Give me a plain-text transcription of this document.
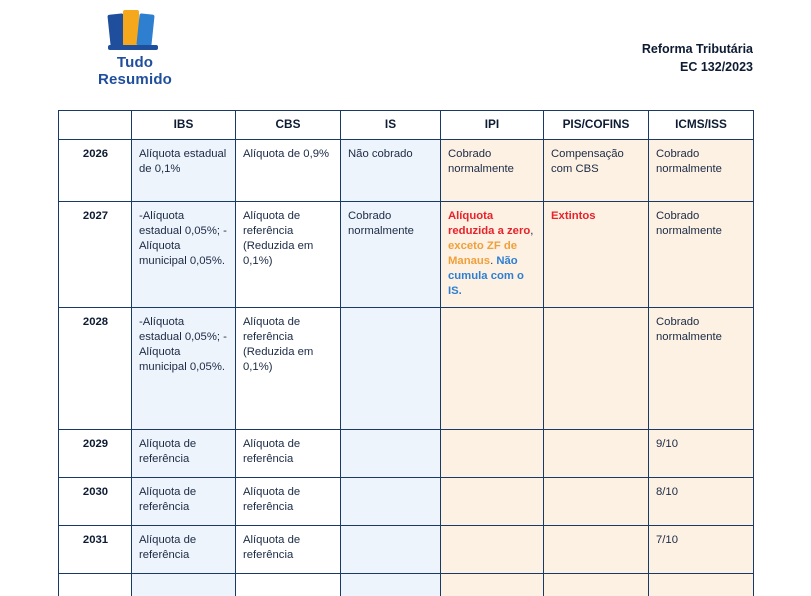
Tudo
Resumido
Reforma Tributária
EC 132/2023
	IBS	CBS	IS	IPI	PIS/COFINS	ICMS/ISS
2026	Alíquota estadual de 0,1%	Alíquota de 0,9%	Não cobrado	Cobrado normalmente	Compensação com CBS	Cobrado normalmente
2027	-Alíquota estadual 0,05%; -Alíquota municipal 0,05%.	Alíquota de referência (Reduzida em 0,1%)	Cobrado normalmente	Alíquota reduzida a zero, exceto ZF de Manaus. Não cumula com o IS.	Extintos	Cobrado normalmente
2028	-Alíquota estadual 0,05%; -Alíquota municipal 0,05%.	Alíquota de referência (Reduzida em 0,1%)				Cobrado normalmente
2029	Alíquota de referência	Alíquota de referência				9/10
2030	Alíquota de referência	Alíquota de referência				8/10
2031	Alíquota de referência	Alíquota de referência				7/10
